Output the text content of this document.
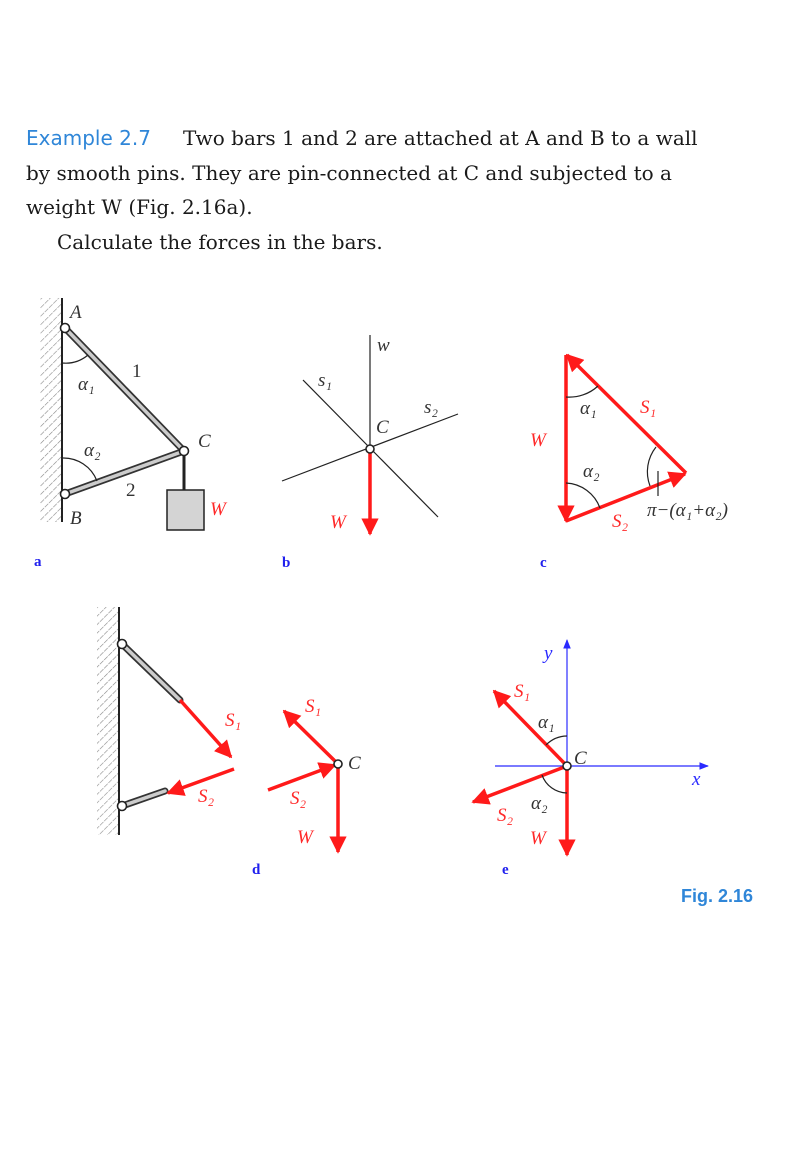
Example 2.7 Two bars 1 and 2 are attached at A and B to a wall
by smooth pins. They are pin-connected at C and subjected to a
weight W (Fig. 2.16a).
Calculate the forces in the bars.
A
1
α₁
α₂
2
C
B	W
a
w
s₁
s₂
C
W
b
W
α₁ S₁
α₂
S₂
π−(α₁+α₂)
c
S₁
S₂
S₁
C
S₂
W
d
y
S₁
α₁
C
x
S₂
α₂
W
e
Fig. 2.16
